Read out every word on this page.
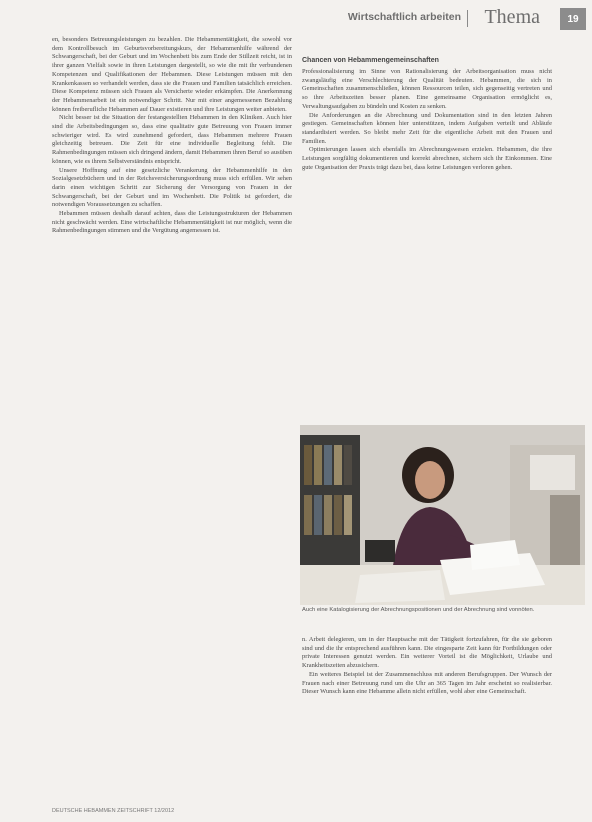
Wirtschaftlich arbeiten Thema	19

en, besonders Betreuungsleistungen zu bezahlen. Die Hebammentätigkeit, die sowohl vor dem Kontrollbesuch im Geburtsvorbereitungskurs, der Hebammenhilfe während der Schwangerschaft, bei der Geburt und im Wochenbett bis zum Ende der Stillzeit reicht, ist in ihrer ganzen Vielfalt sowie in ihren Leistungen dargestellt, so wie die mit ihr verbundenen Kompetenzen und Qualifikationen der Hebammen. Diese Leistungen müssen mit den Krankenkassen so verhandelt werden, dass sie die Frauen und Familien tatsächlich erreichen. Diese Kompetenz müssen sich Frauen als Versicherte wieder erkämpfen. Die Anerkennung der Hebammenarbeit ist ein notwendiger Schritt. Nur mit einer angemessenen Bezahlung können freiberufliche Hebammen auf Dauer existieren und ihre Leistungen weiter anbieten.

Nicht besser ist die Situation der festangestellten Hebammen in den Kliniken. Auch hier sind die Arbeitsbedingungen so, dass eine qualitativ gute Betreuung von Frauen immer schwieriger wird. Es wird zunehmend gefordert, dass Hebammen mehrere Frauen gleichzeitig betreuen. Die Zeit für eine individuelle Begleitung fehlt. Die Rahmenbedingungen müssen sich dringend ändern, damit Hebammen ihren Beruf so ausüben können, wie es ihrem Selbstverständnis entspricht.

Unsere Hoffnung auf eine gesetzliche Verankerung der Hebammenhilfe in den Sozialgesetzbüchern und in der Reichsversicherungsordnung muss sich erfüllen. Wir sehen darin einen wichtigen Schritt zur Sicherung der Versorgung von Frauen in der Schwangerschaft, bei der Geburt und im Wochenbett. Die Politik ist gefordert, die notwendigen Voraussetzungen zu schaffen.

Hebammen müssen deshalb darauf achten, dass die Leistungsstrukturen der Hebammen nicht geschwächt werden. Eine wirtschaftliche Hebammentätigkeit ist nur möglich, wenn die Rahmenbedingungen stimmen und die Vergütung angemessen ist.

Chancen von Hebammengemeinschaften

Professionalisierung im Sinne von Rationalisierung der Arbeitsorganisation muss nicht zwangsläufig eine Verschlechterung der Qualität bedeuten. Hebammen, die sich in Gemeinschaften zusammenschließen, können Ressourcen teilen, sich gegenseitig vertreten und so ihre Arbeitszeiten besser planen. Eine gemeinsame Organisation ermöglicht es, Verwaltungsaufgaben zu bündeln und Kosten zu senken.

Die Anforderungen an die Abrechnung und Dokumentation sind in den letzten Jahren gestiegen. Gemeinschaften können hier unterstützen, indem Aufgaben verteilt und Abläufe standardisiert werden. So bleibt mehr Zeit für die eigentliche Arbeit mit den Frauen und Familien.

Optimierungen lassen sich ebenfalls im Abrechnungswesen erzielen. Hebammen, die ihre Leistungen sorgfältig dokumentieren und korrekt abrechnen, sichern sich ihr Einkommen. Eine gute Organisation der Praxis trägt dazu bei, dass keine Leistungen verloren gehen.

Auch eine Katalogisierung der Abrechnungspositionen und der Abrechnung sind vonnöten.

n. Arbeit delegieren, um in der Hauptsache mit der Tätigkeit fortzufahren, für die sie geboren sind und die ihr entsprechend ausführen kann. Die eingesparte Zeit kann für Fortbildungen oder private Interessen genutzt werden. Ein weiterer Vorteil ist die Möglichkeit, Urlaube und Krankheitszeiten abzusichern.

Ein weiteres Beispiel ist der Zusammenschluss mit anderen Berufsgruppen. Der Wunsch der Frauen nach einer Betreuung rund um die Uhr an 365 Tagen im Jahr erscheint so realisierbar. Dieser Wunsch kann eine Hebamme allein nicht erfüllen, wohl aber eine Gemeinschaft.

DEUTSCHE HEBAMMEN ZEITSCHRIFT 12/2012
